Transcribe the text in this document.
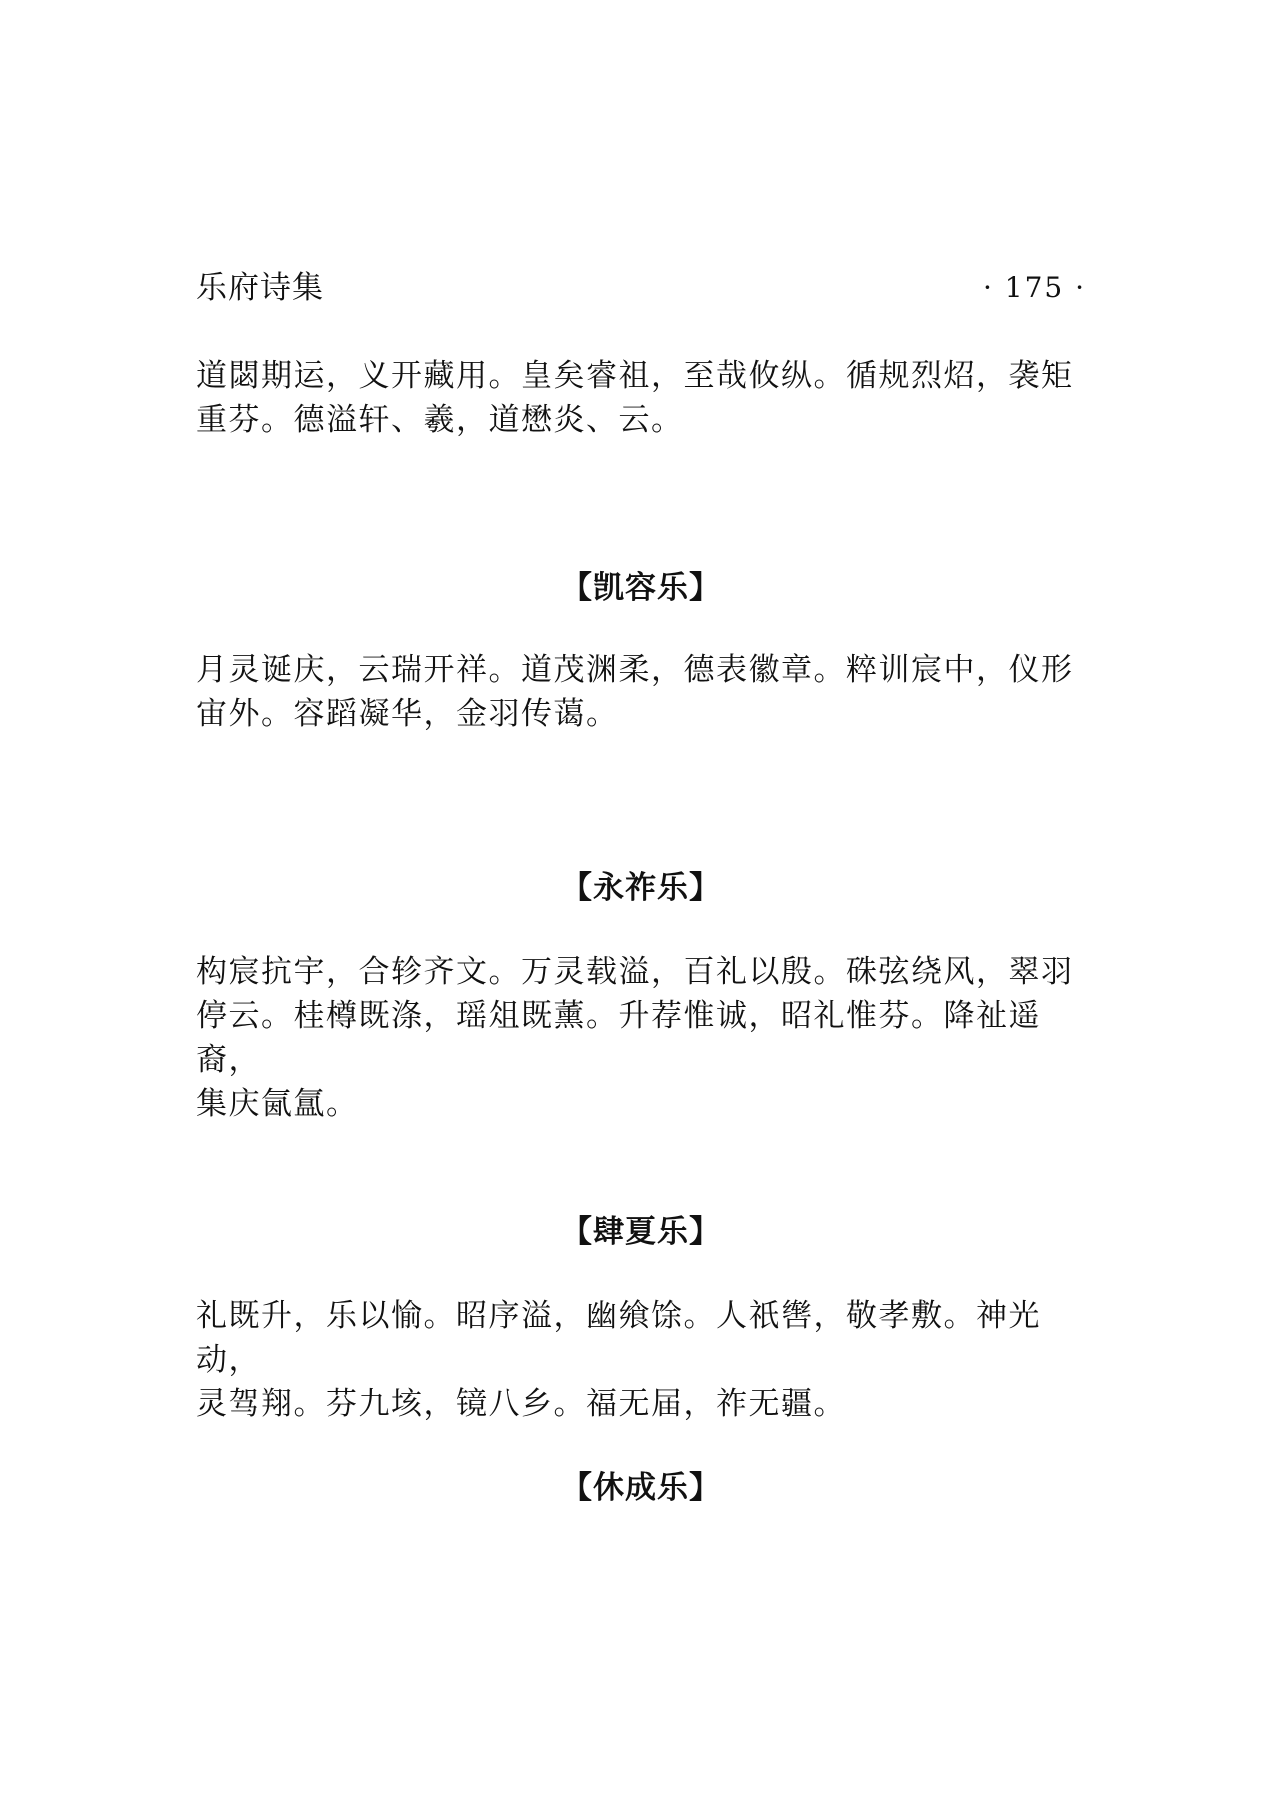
乐府诗集	· 175 ·

道閟期运，义开藏用。皇矣睿祖，至哉攸纵。循规烈炤，袭矩
重芬。德溢轩、羲，道懋炎、云。

【凯容乐】

月灵诞庆，云瑞开祥。道茂渊柔，德表徽章。粹训宸中，仪形
宙外。容蹈凝华，金羽传蔼。

【永祚乐】

构宸抗宇，合轸齐文。万灵载溢，百礼以殷。硃弦绕风，翠羽
停云。桂樽既涤，瑶俎既薰。升荐惟诚，昭礼惟芬。降祉遥裔，
集庆氤氲。

【肆夏乐】

礼既升，乐以愉。昭序溢，幽飨馀。人祇辔，敬孝敷。神光动，
灵驾翔。芬九垓，镜八乡。福无届，祚无疆。

【休成乐】
